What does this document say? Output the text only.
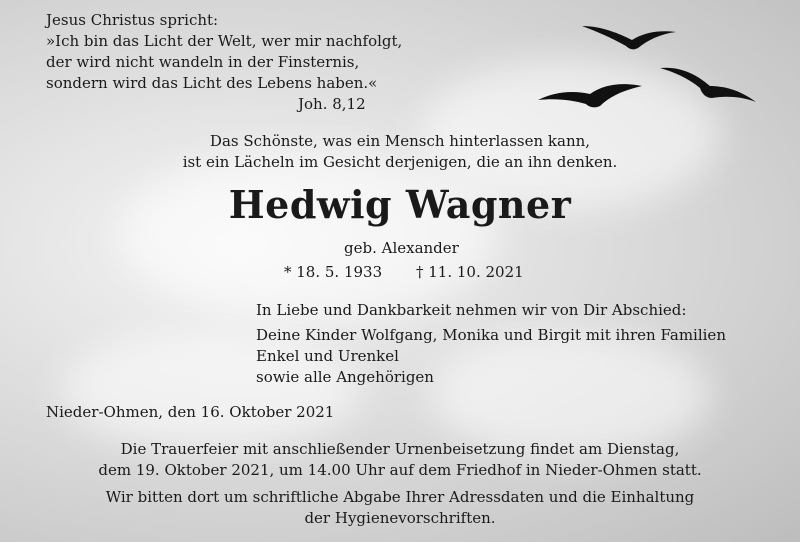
Jesus Christus spricht:
»Ich bin das Licht der Welt, wer mir nachfolgt,
der wird nicht wandeln in der Finsternis,
sondern wird das Licht des Lebens haben.«
Joh. 8,12
Das Schönste, was ein Mensch hinterlassen kann,
ist ein Lächeln im Gesicht derjenigen, die an ihn denken.
Hedwig Wagner
geb. Alexander
* 18. 5. 1933 † 11. 10. 2021
In Liebe und Dankbarkeit nehmen wir von Dir Abschied:
Deine Kinder Wolfgang, Monika und Birgit mit ihren Familien
Enkel und Urenkel
sowie alle Angehörigen
Nieder-Ohmen, den 16. Oktober 2021
Die Trauerfeier mit anschließender Urnenbeisetzung findet am Dienstag,
dem 19. Oktober 2021, um 14.00 Uhr auf dem Friedhof in Nieder-Ohmen statt.
Wir bitten dort um schriftliche Abgabe Ihrer Adressdaten und die Einhaltung
der Hygienevorschriften.
